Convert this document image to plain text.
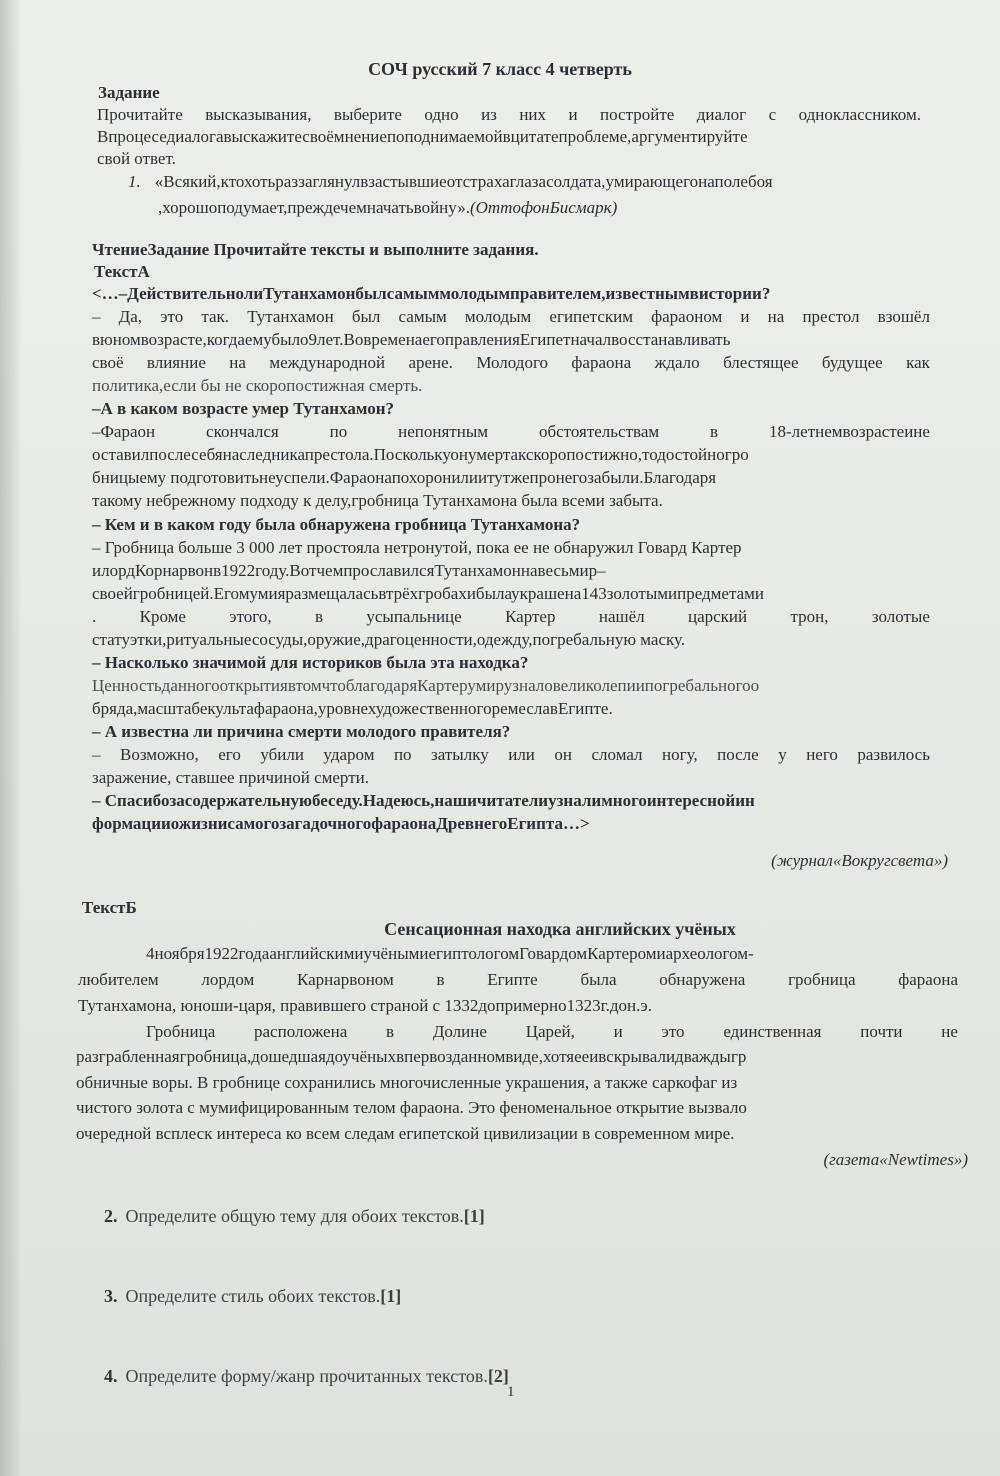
СОЧ русский 7 класс 4 четверть
Задание
Прочитайте высказывания, выберите одно из них и постройте диалог с одноклассником.
Впроцеседиалогавыскажитесвоёмнениепоподнимаемойвцитатепроблеме,аргументируйте
свой ответ.
1. «Всякий,ктохотьраззаглянулвзастывшиеотстрахаглазасолдата,умирающегонаполебоя
,хорошоподумает,преждечемначатьвойну».(ОттофонБисмарк)
ЧтениеЗадание Прочитайте тексты и выполните задания.
ТекстА
<…–ДействительнолиТутанхамонбылсамыммолодымправителем,известнымвистории?
– Да, это так. Тутанхамон был самым молодым египетским фараоном и на престол взошёл
вюномвозрасте,когдаемубыло9лет.ВовременаегоправленияЕгипетначалвосстанавливать
своё влияние на международной арене. Молодого фараона ждало блестящее будущее как
политика,если бы не скоропостижная смерть.
–А в каком возрасте умер Тутанхамон?
–Фараон	скончался	по	непонятным	обстоятельствам	в	18-летнемвозрастеине
оставилпослесебянаследникапрестола.Посколькуонумертакскоропостижно,тодостойногро
бницыему подготовитьнеуспели.Фараонапохоронилиитутжепронегозабыли.Благодаря
такому небрежному подходу к делу,гробница Тутанхамона была всеми забыта.
– Кем и в каком году была обнаружена гробница Тутанхамона?
– Гробница больше 3 000 лет простояла нетронутой, пока ее не обнаружил Говард Картер
илордКорнарвонв1922году.ВотчемпрославилсяТутанхамоннавесьмир–
своейгробницей.Егомумияразмещаласьвтрёхгробахибылаукрашена143золотымипредметами
.	Кроме	этого,	в	усыпальнице	Картер	нашёл	царский	трон,	золотые
статуэтки,ритуальныесосуды,оружие,драгоценности,одежду,погребальную маску.
– Насколько значимой для историков была эта находка?
ЦенностьданногооткрытиявтомчтоблагодаряКартерумирузналовеликолепиипогребальногоо
бряда,масштабекультафараона,уровнехудожественногоремеславЕгипте.
– А известна ли причина смерти молодого правителя?
– Возможно, его убили ударом по затылку или он сломал ногу, после у него развилось
заражение, ставшее причиной смерти.
– Спасибозасодержательнуюбеседу.Надеюсь,нашичитателиузналимногоинтереснойин
формацииожизнисамогозагадочногофараонаДревнегоЕгипта…>
(журнал«Вокругсвета»)
ТекстБ
Сенсационная находка английских учёных
4ноября1922годаанглийскимиучёнымиегиптологомГовардомКартеромиархеологом-
любителем	лордом	Карнарвоном	в	Египте	была	обнаружена	гробница	фараона
Тутанхамона, юноши-царя, правившего страной с 1332допримерно1323г.дон.э.
Гробница расположена в Долине Царей, и это единственная почти не
разграбленнаягробница,дошедшаядоучёныхвпервозданномвиде,хотяееивскрывалидваждыгр
обничные воры. В гробнице сохранились многочисленные украшения, а также саркофаг из
чистого золота с мумифицированным телом фараона. Это феноменальное открытие вызвало
очередной всплеск интереса ко всем следам египетской цивилизации в современном мире.
(газета«Newtimes»)
2. Определите общую тему для обоих текстов.[1]
3. Определите стиль обоих текстов.[1]
4. Определите форму/жанр прочитанных текстов.[2]
1
